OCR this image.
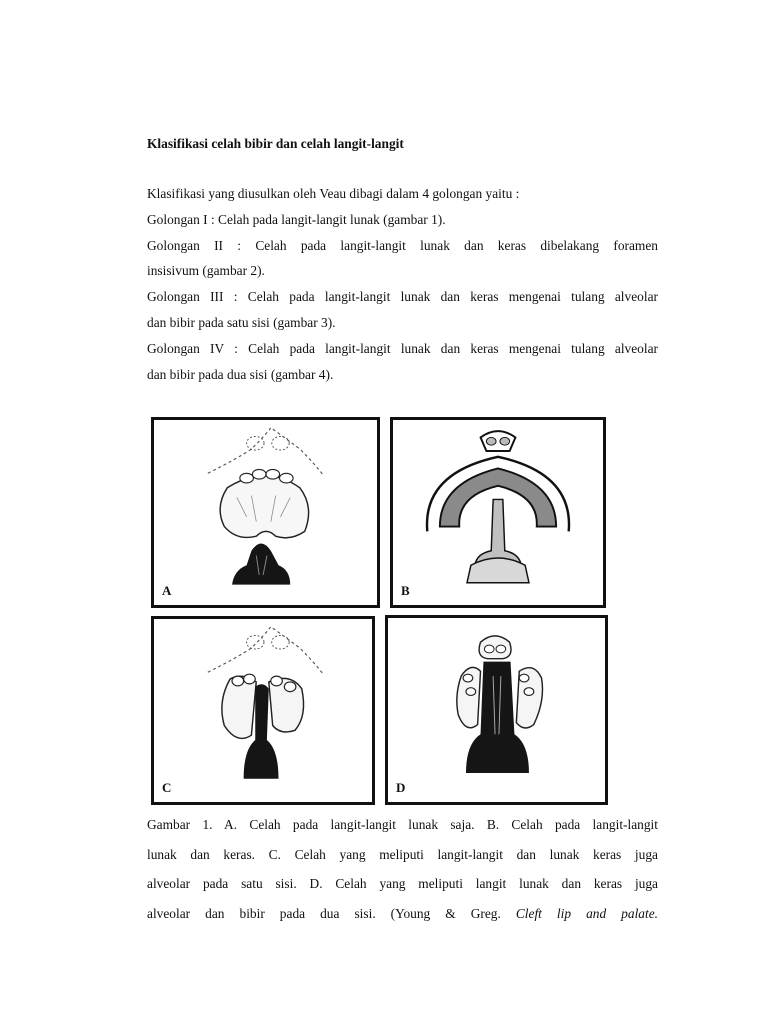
Klasifikasi celah bibir dan celah langit-langit
Klasifikasi yang diusulkan oleh Veau dibagi dalam 4 golongan yaitu :
Golongan I : Celah pada langit-langit lunak (gambar 1).
Golongan II : Celah pada langit-langit lunak dan keras dibelakang foramen
insisivum (gambar 2).
Golongan III : Celah pada langit-langit lunak dan keras mengenai tulang alveolar
dan bibir pada satu sisi (gambar 3).
Golongan IV : Celah pada langit-langit lunak dan keras mengenai tulang alveolar
dan bibir pada dua sisi (gambar 4).
A	B
C	D
Gambar 1. A. Celah pada langit-langit lunak saja. B. Celah pada langit-langit
lunak dan keras. C. Celah yang meliputi langit-langit dan lunak keras juga
alveolar pada satu sisi. D. Celah yang meliputi langit lunak dan keras juga
alveolar dan bibir pada dua sisi. (Young & Greg. Cleft lip and palate.
